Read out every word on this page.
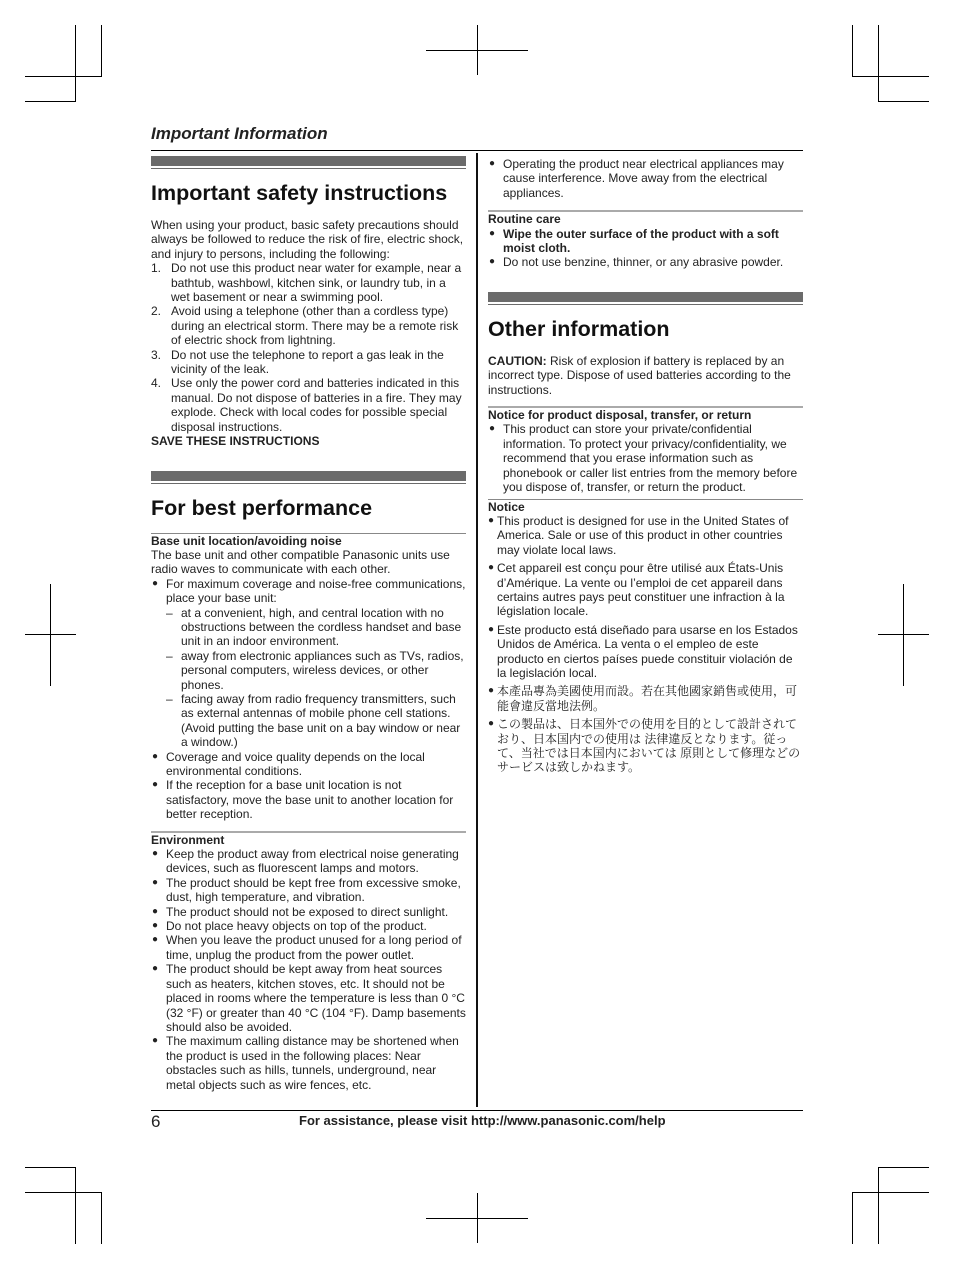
Important Information
Important safety instructions

When using your product, basic safety precautions should always be followed to reduce the risk of fire, electric shock, and injury to persons, including the following:

1. Do not use this product near water for example, near a bathtub, washbowl, kitchen sink, or laundry tub, in a wet basement or near a swimming pool.
2. Avoid using a telephone (other than a cordless type) during an electrical storm. There may be a remote risk of electric shock from lightning.
3. Do not use the telephone to report a gas leak in the vicinity of the leak.
4. Use only the power cord and batteries indicated in this manual. Do not dispose of batteries in a fire. They may explode. Check with local codes for possible special disposal instructions.

SAVE THESE INSTRUCTIONS

For best performance

Base unit location/avoiding noise

The base unit and other compatible Panasonic units use radio waves to communicate with each other.

● For maximum coverage and noise-free communications, place your base unit:
– at a convenient, high, and central location with no obstructions between the cordless handset and base unit in an indoor environment.
– away from electronic appliances such as TVs, radios, personal computers, wireless devices, or other phones.
– facing away from radio frequency transmitters, such as external antennas of mobile phone cell stations. (Avoid putting the base unit on a bay window or near a window.)
● Coverage and voice quality depends on the local environmental conditions.
● If the reception for a base unit location is not satisfactory, move the base unit to another location for better reception.

Environment

● Keep the product away from electrical noise generating devices, such as fluorescent lamps and motors.
● The product should be kept free from excessive smoke, dust, high temperature, and vibration.
● The product should not be exposed to direct sunlight.
● Do not place heavy objects on top of the product.
● When you leave the product unused for a long period of time, unplug the product from the power outlet.
● The product should be kept away from heat sources such as heaters, kitchen stoves, etc. It should not be placed in rooms where the temperature is less than 0 °C (32 °F) or greater than 40 °C (104 °F). Damp basements should also be avoided.
● The maximum calling distance may be shortened when the product is used in the following places: Near obstacles such as hills, tunnels, underground, near metal objects such as wire fences, etc.
● Operating the product near electrical appliances may cause interference. Move away from the electrical appliances.

Routine care

● Wipe the outer surface of the product with a soft moist cloth.
● Do not use benzine, thinner, or any abrasive powder.
Other information

CAUTION: Risk of explosion if battery is replaced by an incorrect type. Dispose of used batteries according to the instructions.

Notice for product disposal, transfer, or return

● This product can store your private/confidential information. To protect your privacy/confidentiality, we recommend that you erase information such as phonebook or caller list entries from the memory before you dispose of, transfer, or return the product.

Notice

● This product is designed for use in the United States of America. Sale or use of this product in other countries may violate local laws.
● Cet appareil est conçu pour être utilisé aux États-Unis d’Amérique. La vente ou l’emploi de cet appareil dans certains autres pays peut constituer une infraction à la législation locale.
● Este producto está diseñado para usarse en los Estados Unidos de América. La venta o el empleo de este producto en ciertos países puede constituir violación de la legislación local.
● 本產品專為美國使用而設。若在其他國家銷售或使用，可能會違反當地法例。
● この製品は、日本国外での使用を目的として設計されており、日本国内での使用は 法律違反となります。従って、当社では日本国内においては 原則として修理などの サービスは致しかねます。
6	For assistance, please visit http://www.panasonic.com/help
